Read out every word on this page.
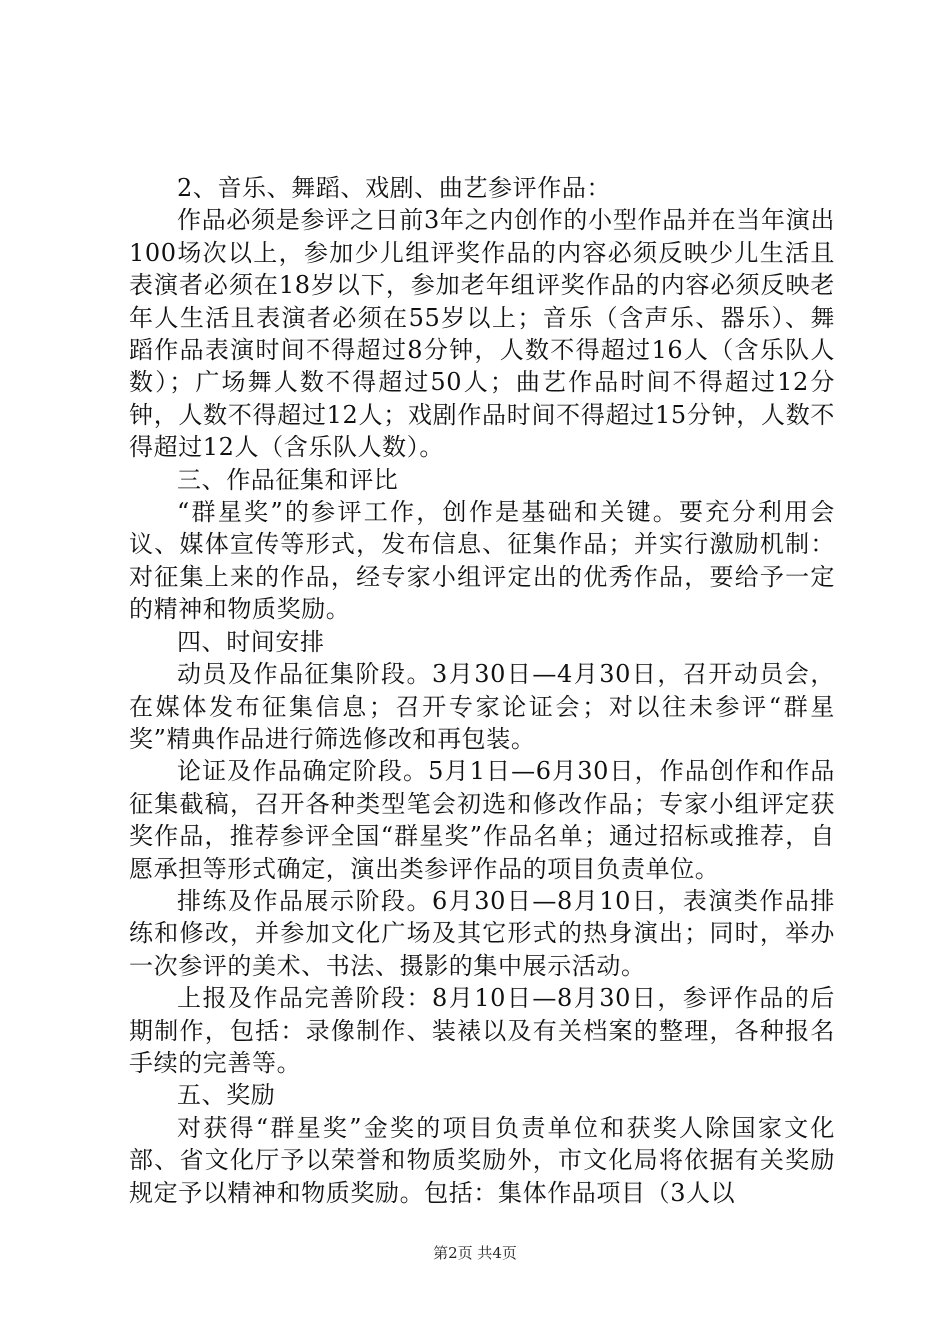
2、音乐、舞蹈、戏剧、曲艺参评作品：

作品必须是参评之日前3年之内创作的小型作品并在当年演出100场次以上，参加少儿组评奖作品的内容必须反映少儿生活且表演者必须在18岁以下，参加老年组评奖作品的内容必须反映老年人生活且表演者必须在55岁以上；音乐（含声乐、器乐）、舞蹈作品表演时间不得超过8分钟，人数不得超过16人（含乐队人数）；广场舞人数不得超过50人；曲艺作品时间不得超过12分钟，人数不得超过12人；戏剧作品时间不得超过15分钟，人数不得超过12人（含乐队人数）。

三、作品征集和评比

“群星奖”的参评工作，创作是基础和关键。要充分利用会议、媒体宣传等形式，发布信息、征集作品；并实行激励机制：对征集上来的作品，经专家小组评定出的优秀作品，要给予一定的精神和物质奖励。

四、时间安排

动员及作品征集阶段。3月30日—4月30日，召开动员会，在媒体发布征集信息；召开专家论证会；对以往未参评“群星奖”精典作品进行筛选修改和再包装。

论证及作品确定阶段。5月1日—6月30日，作品创作和作品征集截稿，召开各种类型笔会初选和修改作品；专家小组评定获奖作品，推荐参评全国“群星奖”作品名单；通过招标或推荐，自愿承担等形式确定，演出类参评作品的项目负责单位。

排练及作品展示阶段。6月30日—8月10日，表演类作品排练和修改，并参加文化广场及其它形式的热身演出；同时，举办一次参评的美术、书法、摄影的集中展示活动。

上报及作品完善阶段：8月10日—8月30日，参评作品的后期制作，包括：录像制作、装裱以及有关档案的整理，各种报名手续的完善等。

五、奖励

对获得“群星奖”金奖的项目负责单位和获奖人除国家文化部、省文化厅予以荣誉和物质奖励外，市文化局将依据有关奖励规定予以精神和物质奖励。包括：集体作品项目（3人以

第2页 共4页
